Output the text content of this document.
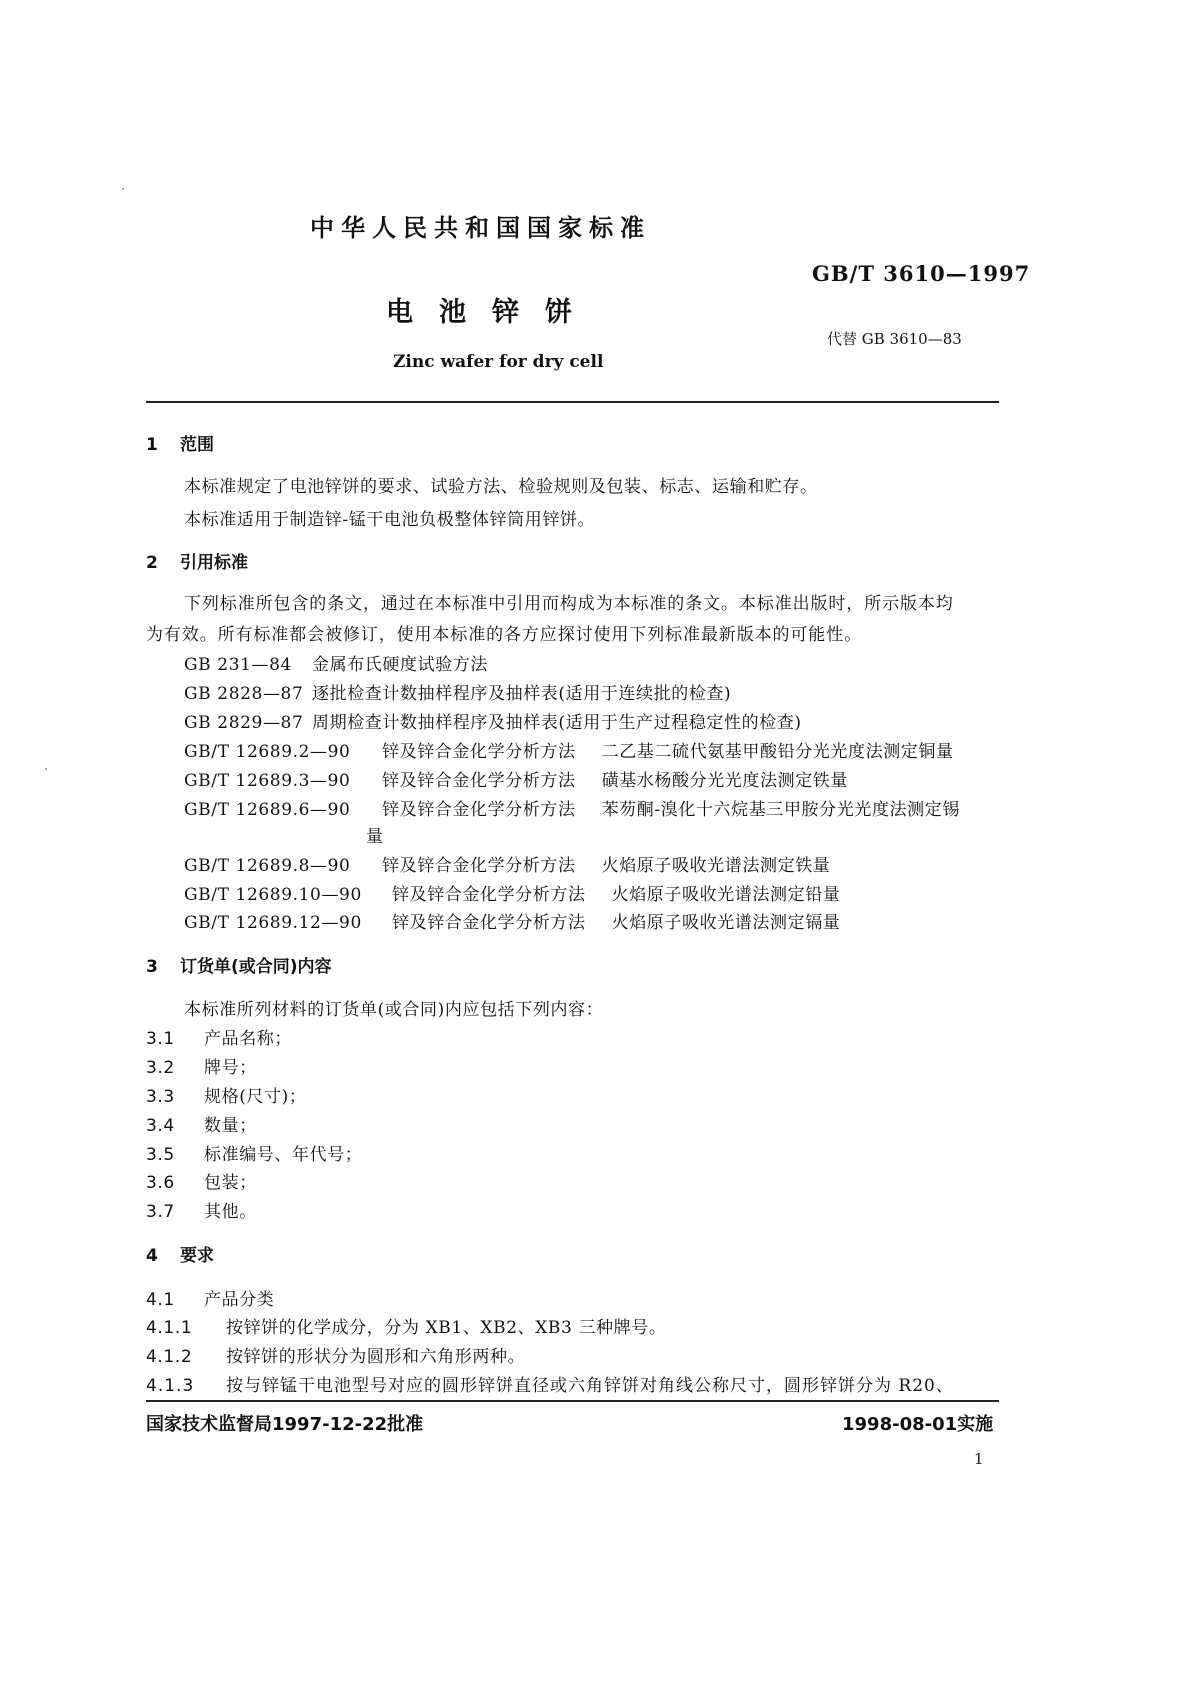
中华人民共和国国家标准
GB/T 3610—1997
电池锌饼
代替 GB 3610—83
Zinc wafer for dry cell
1 范围
本标准规定了电池锌饼的要求、试验方法、检验规则及包装、标志、运输和贮存。
本标准适用于制造锌-锰干电池负极整体锌筒用锌饼。
2 引用标准
下列标准所包含的条文，通过在本标准中引用而构成为本标准的条文。本标准出版时，所示版本均
为有效。所有标准都会被修订，使用本标准的各方应探讨使用下列标准最新版本的可能性。
GB 231—84 金属布氏硬度试验方法
GB 2828—87 逐批检查计数抽样程序及抽样表(适用于连续批的检查)
GB 2829—87 周期检查计数抽样程序及抽样表(适用于生产过程稳定性的检查)
GB/T 12689.2—90 锌及锌合金化学分析方法 二乙基二硫代氨基甲酸铅分光光度法测定铜量
GB/T 12689.3—90 锌及锌合金化学分析方法 磺基水杨酸分光光度法测定铁量
GB/T 12689.6—90 锌及锌合金化学分析方法 苯芴酮-溴化十六烷基三甲胺分光光度法测定锡
量
GB/T 12689.8—90 锌及锌合金化学分析方法 火焰原子吸收光谱法测定铁量
GB/T 12689.10—90 锌及锌合金化学分析方法 火焰原子吸收光谱法测定铅量
GB/T 12689.12—90 锌及锌合金化学分析方法 火焰原子吸收光谱法测定镉量
3 订货单(或合同)内容
本标准所列材料的订货单(或合同)内应包括下列内容：
3.1 产品名称；
3.2 牌号；
3.3 规格(尺寸)；
3.4 数量；
3.5 标准编号、年代号；
3.6 包装；
3.7 其他。
4 要求
4.1 产品分类
4.1.1 按锌饼的化学成分，分为 XB1、XB2、XB3 三种牌号。
4.1.2 按锌饼的形状分为圆形和六角形两种。
4.1.3 按与锌锰干电池型号对应的圆形锌饼直径或六角锌饼对角线公称尺寸，圆形锌饼分为 R20、
国家技术监督局1997-12-22批准	1998-08-01实施
1
